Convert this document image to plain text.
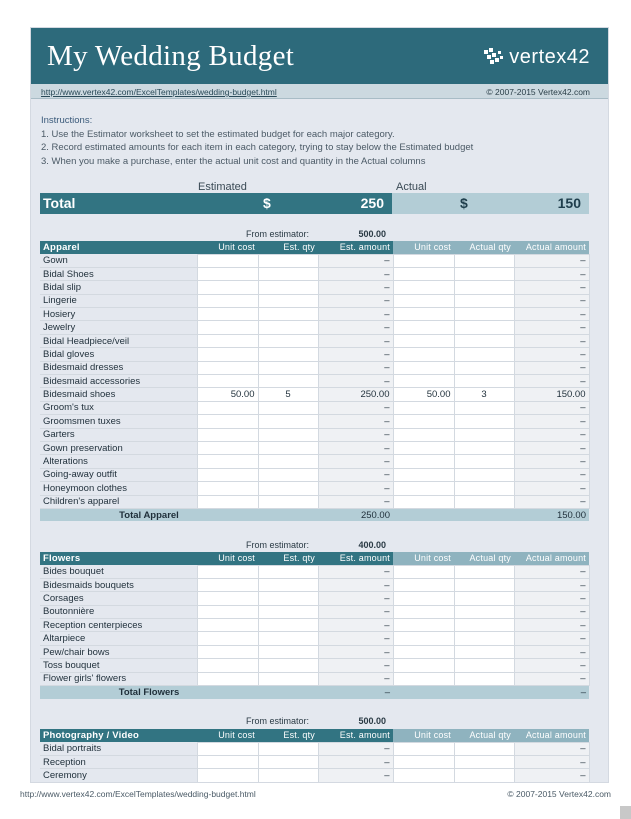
My Wedding Budget	vertex42
http://www.vertex42.com/ExcelTemplates/wedding-budget.html	© 2007-2015 Vertex42.com
Instructions:
1. Use the Estimator worksheet to set the estimated budget for each major category.
2. Record estimated amounts for each item in each category, trying to stay below the Estimated budget
3. When you make a purchase, enter the actual unit cost and quantity in the Actual columns
Estimated	Actual
Total	$	250	$	150
From estimator:	500.00
Apparel	Unit cost	Est. qty	Est. amount	Unit cost	Actual qty	Actual amount
Gown			–			–
Bidal Shoes			–			–
Bidal slip			–			–
Lingerie			–			–
Hosiery			–			–
Jewelry			–			–
Bidal Headpiece/veil			–			–
Bidal gloves			–			–
Bidesmaid dresses			–			–
Bidesmaid accessories			–			–
Bidesmaid shoes	50.00	5	250.00	50.00	3	150.00
Groom's tux			–			–
Groomsmen tuxes			–			–
Garters			–			–
Gown preservation			–			–
Alterations			–			–
Going-away outfit			–			–
Honeymoon clothes			–			–
Children's apparel			–			–
Total Apparel			250.00			150.00
From estimator:	400.00
Flowers	Unit cost	Est. qty	Est. amount	Unit cost	Actual qty	Actual amount
Bides bouquet			–			–
Bidesmaids bouquets			–			–
Corsages			–			–
Boutonnière			–			–
Reception centerpieces			–			–
Altarpiece			–			–
Pew/chair bows			–			–
Toss bouquet			–			–
Flower girls' flowers			–			–
Total Flowers			–			–
From estimator:	500.00
Photography / Video	Unit cost	Est. qty	Est. amount	Unit cost	Actual qty	Actual amount
Bidal portraits			–			–
Reception			–			–
Ceremony			–			–
http://www.vertex42.com/ExcelTemplates/wedding-budget.html	© 2007-2015 Vertex42.com
